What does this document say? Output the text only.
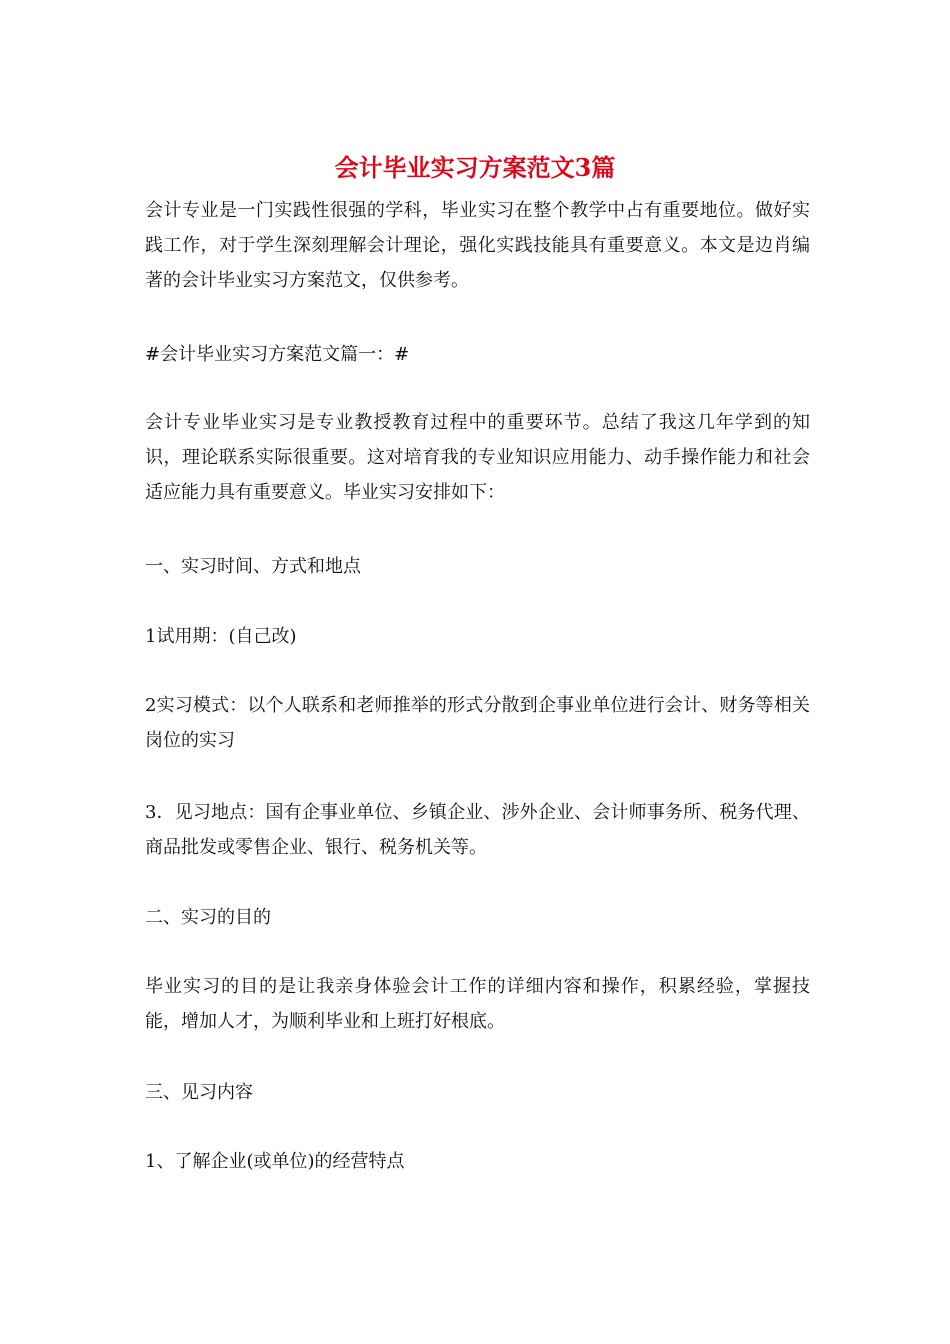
会计毕业实习方案范文3篇

会计专业是一门实践性很强的学科，毕业实习在整个教学中占有重要地位。做好实践工作，对于学生深刻理解会计理论，强化实践技能具有重要意义。本文是边肖编著的会计毕业实习方案范文，仅供参考。

#会计毕业实习方案范文篇一：#

会计专业毕业实习是专业教授教育过程中的重要环节。总结了我这几年学到的知识，理论联系实际很重要。这对培育我的专业知识应用能力、动手操作能力和社会适应能力具有重要意义。毕业实习安排如下：

一、实习时间、方式和地点

1试用期：(自己改)

2实习模式：以个人联系和老师推举的形式分散到企事业单位进行会计、财务等相关岗位的实习

3．见习地点：国有企事业单位、乡镇企业、涉外企业、会计师事务所、税务代理、商品批发或零售企业、银行、税务机关等。

二、实习的目的

毕业实习的目的是让我亲身体验会计工作的详细内容和操作，积累经验，掌握技能，增加人才，为顺利毕业和上班打好根底。

三、见习内容

1、了解企业(或单位)的经营特点
